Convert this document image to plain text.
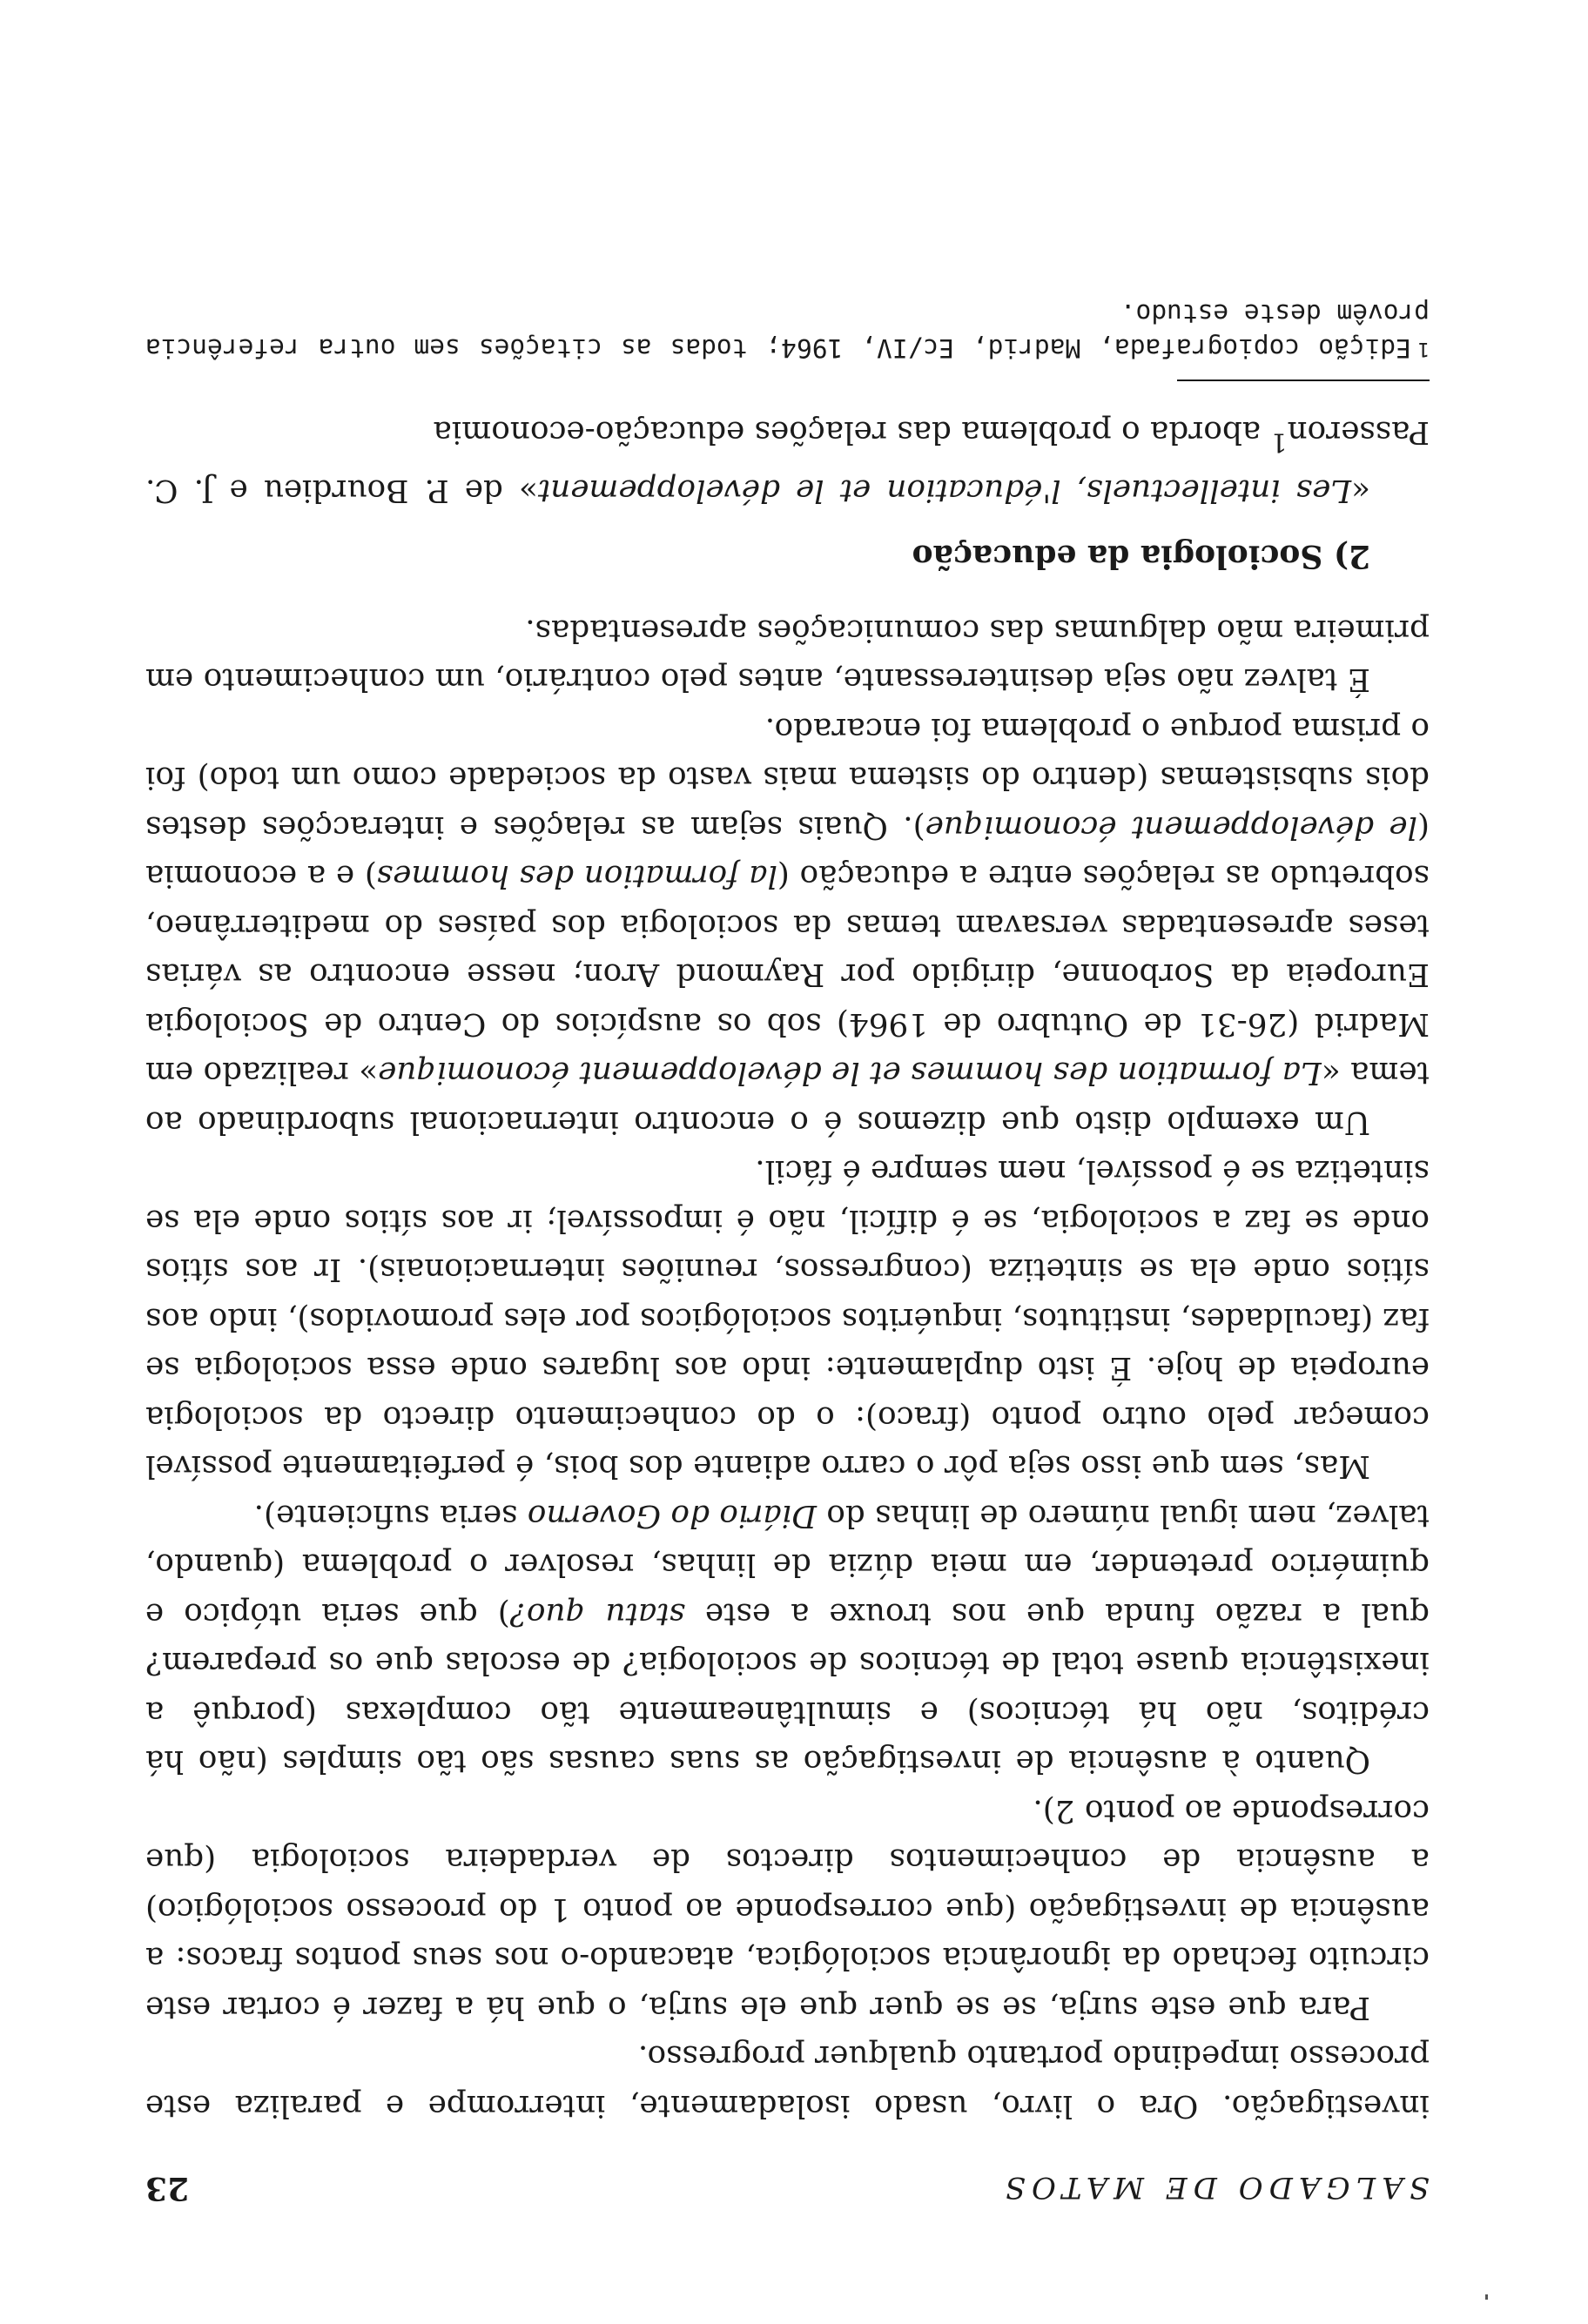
SALGADO DE MATOS
23

investigação. Ora o livro, usado isoladamente, interrompe e paraliza este processo impedindo portanto qualquer progresso.

Para que este surja, se se quer que ele surja, o que há a fazer é cortar este circuito fechado da ignorância sociológica, atacando-o nos seus pontos fracos: a ausência de investigação (que corresponde ao ponto 1 do processo sociológico) a ausência de conhecimentos directos de verdadeira sociologia (que corresponde ao ponto 2).

Quanto à ausência de investigação as suas causas são tão simples (não há créditos, não há técnicos) e simultâneamente tão complexas (porquê a inexistência quase total de técnicos de sociologia? de escolas que os preparem? qual a razão funda que nos trouxe a este statu quo?) que seria utópico e quimérico pretender, em meia dúzia de linhas, resolver o problema (quando, talvez, nem igual número de linhas do Diário do Governo seria suficiente).

Mas, sem que isso seja pôr o carro adiante dos bois, é perfeitamente possível começar pelo outro ponto (fraco): o do conhecimento directo da sociologia europeia de hoje. É isto duplamente: indo aos lugares onde essa sociologia se faz (faculdades, institutos, inquéritos sociológicos por eles promovidos), indo aos sítios onde ela se sintetiza (congressos, reuniões internacionais). Ir aos sítios onde se faz a sociologia, se é difícil, não é impossível; ir aos sítios onde ela se sintetiza se é possível, nem sempre é fácil.

Um exemplo disto que dizemos é o encontro internacional subordinado ao tema «La formation des hommes et le développement économique» realizado em Madrid (26-31 de Outubro de 1964) sob os auspícios do Centro de Sociologia Europeia da Sorbonne, dirigido por Raymond Aron; nesse encontro as várias teses apresentadas versavam temas da sociologia dos países do mediterrâneo, sobretudo as relações entre a educação (la formation des hommes) e a economia (le développement économique). Quais sejam as relações e interacções destes dois subsistemas (dentro do sistema mais vasto da sociedade como um todo) foi o prisma porque o problema foi encarado.

É talvez não seja desinteressante, antes pelo contrário, um conhecimento em primeira mão dalgumas das comunicações apresentadas.

2) Sociologia da educação

«Les intellectuels, l'éducation et le développement» de P. Bourdieu e J. C. Passeron$^1$ aborda o problema das relações educação-economia

1Edição copiografada, Madrid, Ec/IV, 1964; todas as citações sem outra referência provêm deste estudo.
